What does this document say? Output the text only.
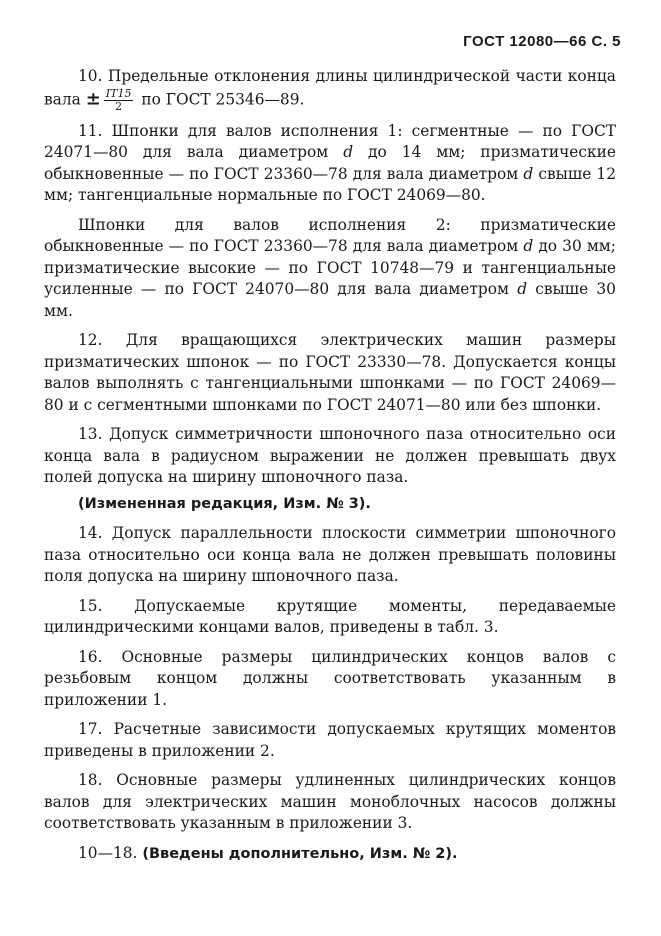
ГОСТ 12080—66 С. 5

10. Предельные отклонения длины цилиндрической части конца вала ± $\frac{IT15}{2}$ по ГОСТ 25346—89.

11. Шпонки для валов исполнения 1: сегментные — по ГОСТ 24071—80 для вала диаметром d до 14 мм; призматические обыкновенные — по ГОСТ 23360—78 для вала диаметром d свыше 12 мм; тангенциальные нормальные по ГОСТ 24069—80.

Шпонки для валов исполнения 2: призматические обыкновенные — по ГОСТ 23360—78 для вала диаметром d до 30 мм; призматические высокие — по ГОСТ 10748—79 и тангенциальные усиленные — по ГОСТ 24070—80 для вала диаметром d свыше 30 мм.

12. Для вращающихся электрических машин размеры призматических шпонок — по ГОСТ 23330—78. Допускается концы валов выполнять с тангенциальными шпонками — по ГОСТ 24069—80 и с сегментными шпонками по ГОСТ 24071—80 или без шпонки.

13. Допуск симметричности шпоночного паза относительно оси конца вала в радиусном выражении не должен превышать двух полей допуска на ширину шпоночного паза.

(Измененная редакция, Изм. № 3).

14. Допуск параллельности плоскости симметрии шпоночного паза относительно оси конца вала не должен превышать половины поля допуска на ширину шпоночного паза.

15. Допускаемые крутящие моменты, передаваемые цилиндрическими концами валов, приведены в табл. 3.

16. Основные размеры цилиндрических концов валов с резьбовым концом должны соответствовать указанным в приложении 1.

17. Расчетные зависимости допускаемых крутящих моментов приведены в приложении 2.

18. Основные размеры удлиненных цилиндрических концов валов для электрических машин моноблочных насосов должны соответствовать указанным в приложении 3.

10—18. (Введены дополнительно, Изм. № 2).
